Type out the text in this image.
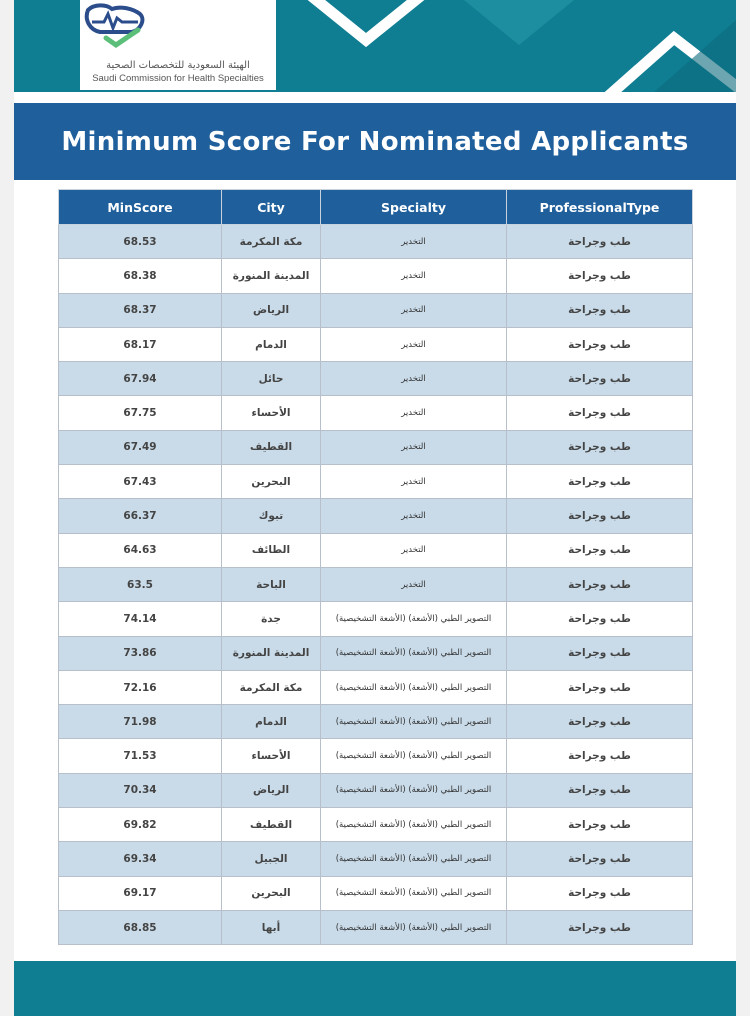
الهيئة السعودية للتخصصات الصحية
Saudi Commission for Health Specialties
Minimum Score For Nominated Applicants
MinScore	City	Specialty	ProfessionalType
68.53	مكة المكرمة	التخدير	طب وجراحة
68.38	المدينة المنورة	التخدير	طب وجراحة
68.37	الرياض	التخدير	طب وجراحة
68.17	الدمام	التخدير	طب وجراحة
67.94	حائل	التخدير	طب وجراحة
67.75	الأحساء	التخدير	طب وجراحة
67.49	القطيف	التخدير	طب وجراحة
67.43	البحرين	التخدير	طب وجراحة
66.37	تبوك	التخدير	طب وجراحة
64.63	الطائف	التخدير	طب وجراحة
63.5	الباحة	التخدير	طب وجراحة
74.14	جدة	التصوير الطبي (الأشعة) (الأشعة التشخيصية)	طب وجراحة
73.86	المدينة المنورة	التصوير الطبي (الأشعة) (الأشعة التشخيصية)	طب وجراحة
72.16	مكة المكرمة	التصوير الطبي (الأشعة) (الأشعة التشخيصية)	طب وجراحة
71.98	الدمام	التصوير الطبي (الأشعة) (الأشعة التشخيصية)	طب وجراحة
71.53	الأحساء	التصوير الطبي (الأشعة) (الأشعة التشخيصية)	طب وجراحة
70.34	الرياض	التصوير الطبي (الأشعة) (الأشعة التشخيصية)	طب وجراحة
69.82	القطيف	التصوير الطبي (الأشعة) (الأشعة التشخيصية)	طب وجراحة
69.34	الجبيل	التصوير الطبي (الأشعة) (الأشعة التشخيصية)	طب وجراحة
69.17	البحرين	التصوير الطبي (الأشعة) (الأشعة التشخيصية)	طب وجراحة
68.85	أبها	التصوير الطبي (الأشعة) (الأشعة التشخيصية)	طب وجراحة
